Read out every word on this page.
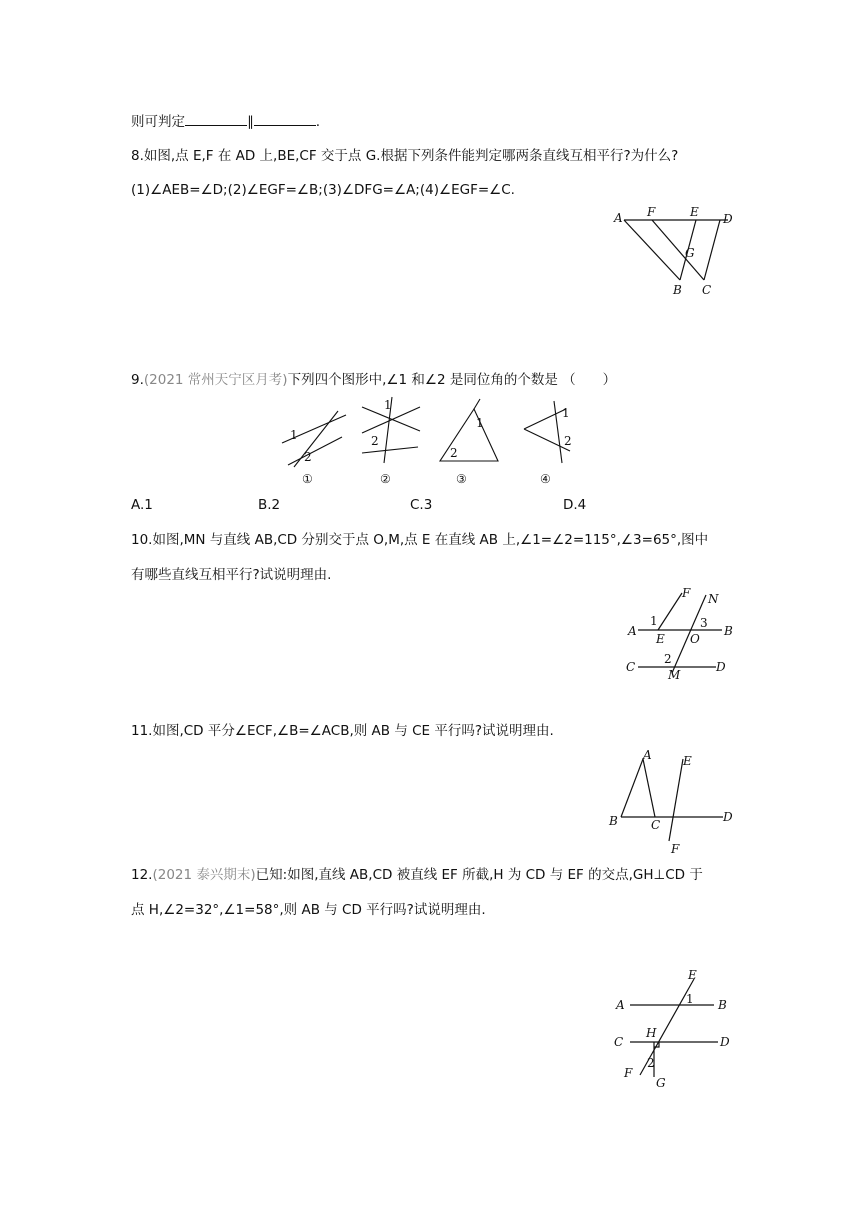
则可判定	∥	.
8.如图,点 E,F 在 AD 上,BE,CF 交于点 G.根据下列条件能判定哪两条直线互相平行?为什么?
(1)∠AEB=∠D;(2)∠EGF=∠B;(3)∠DFG=∠A;(4)∠EGF=∠C.
A F	E D
G
B C
9.(2021 常州天宁区月考)下列四个图形中,∠1 和∠2 是同位角的个数是 （　　）
1
2
1
2
1
2
1
2
①	②	③	④
A.1	B.2	C.3	D.4
10.如图,MN 与直线 AB,CD 分别交于点 O,M,点 E 在直线 AB 上,∠1=∠2=115°,∠3=65°,图中
有哪些直线互相平行?试说明理由.
A	B
C	D
E
F N
O
M
1
2
3
11.如图,CD 平分∠ECF,∠B=∠ACB,则 AB 与 CE 平行吗?试说明理由.
A	E
B	C
D
F
12.(2021 泰兴期末)已知:如图,直线 AB,CD 被直线 EF 所截,H 为 CD 与 EF 的交点,GH⊥CD 于
点 H,∠2=32°,∠1=58°,则 AB 与 CD 平行吗?试说明理由.
E
A	B
1
C
H
D
F
2
G
